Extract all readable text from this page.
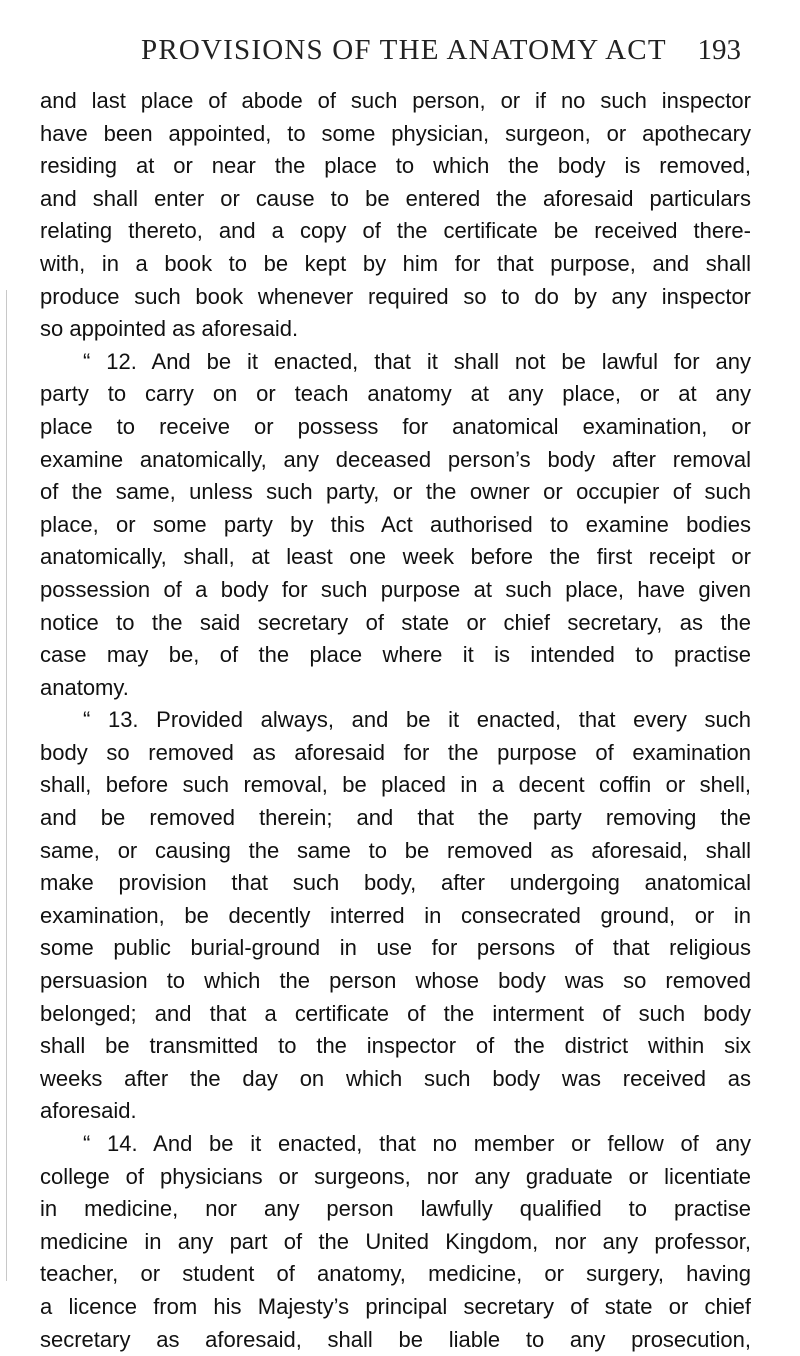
PROVISIONS OF THE ANATOMY ACT 193
and last place of abode of such person, or if no such inspector
have been appointed, to some physician, surgeon, or apothecary
residing at or near the place to which the body is removed,
and shall enter or cause to be entered the aforesaid particulars
relating thereto, and a copy of the certificate be received there-
with, in a book to be kept by him for that purpose, and shall
produce such book whenever required so to do by any inspector
so appointed as aforesaid.
“ 12. And be it enacted, that it shall not be lawful for any
party to carry on or teach anatomy at any place, or at any
place to receive or possess for anatomical examination, or
examine anatomically, any deceased person’s body after removal
of the same, unless such party, or the owner or occupier of such
place, or some party by this Act authorised to examine bodies
anatomically, shall, at least one week before the first receipt or
possession of a body for such purpose at such place, have given
notice to the said secretary of state or chief secretary, as the
case may be, of the place where it is intended to practise
anatomy.
“ 13. Provided always, and be it enacted, that every such
body so removed as aforesaid for the purpose of examination
shall, before such removal, be placed in a decent coffin or shell,
and be removed therein; and that the party removing the
same, or causing the same to be removed as aforesaid, shall
make provision that such body, after undergoing anatomical
examination, be decently interred in consecrated ground, or in
some public burial-ground in use for persons of that religious
persuasion to which the person whose body was so removed
belonged; and that a certificate of the interment of such body
shall be transmitted to the inspector of the district within six
weeks after the day on which such body was received as
aforesaid.
“ 14. And be it enacted, that no member or fellow of any
college of physicians or surgeons, nor any graduate or licentiate
in medicine, nor any person lawfully qualified to practise
medicine in any part of the United Kingdom, nor any professor,
teacher, or student of anatomy, medicine, or surgery, having
a licence from his Majesty’s principal secretary of state or chief
secretary as aforesaid, shall be liable to any prosecution,
